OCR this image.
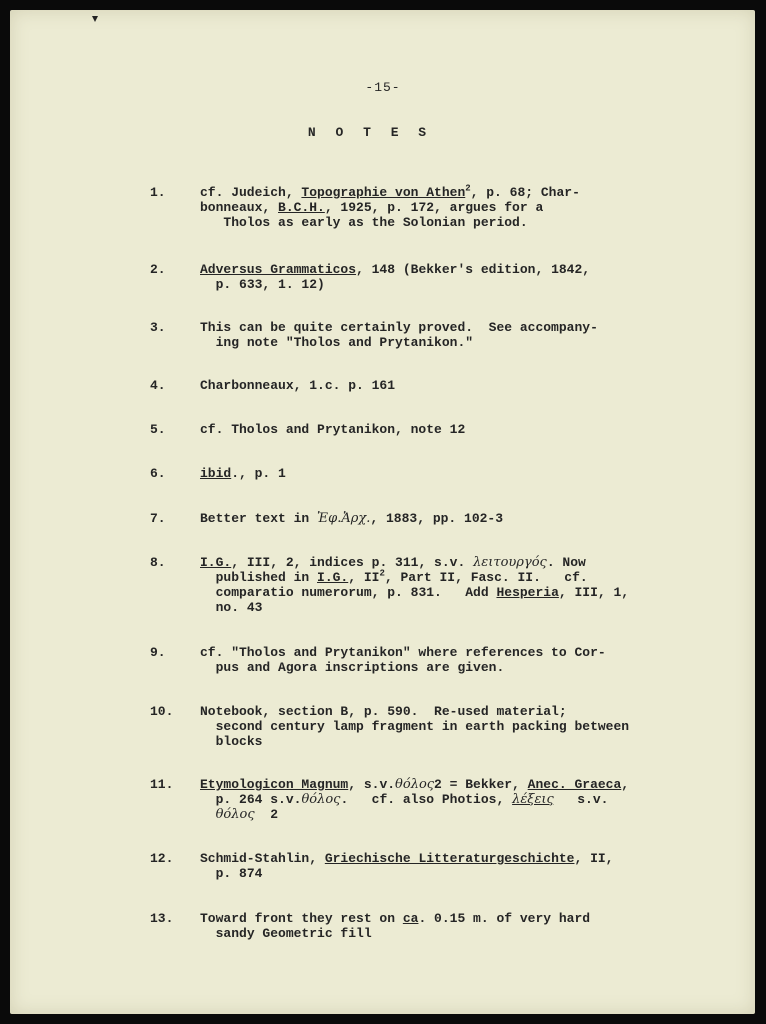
-15-
N O T E S
1.	cf. Judeich, Topographie von Athen$^2$, p. 68; Char-
bonneaux, B.C.H., 1925, p. 172, argues for a
Tholos as early as the Solonian period.
2.	Adversus Grammaticos, 148 (Bekker's edition, 1842,
p. 633, 1. 12)
3.	This can be quite certainly proved.  See accompany-
ing note "Tholos and Prytanikon."
4.	Charbonneaux, 1.c. p. 161
5.	cf. Tholos and Prytanikon, note 12
6.	ibid., p. 1
7.	Better text in Ἐφ.Ἀρχ., 1883, pp. 102-3
8.	I.G., III, 2, indices p. 311, s.v. λειτουργός. Now
published in I.G., $II^2$, Part II, Fasc. II.   cf.
comparatio numerorum, p. 831.   Add Hesperia, III, 1,
no. 43
9.	cf. "Tholos and Prytanikon" where references to Cor-
pus and Agora inscriptions are given.
10.	Notebook, section B, p. 590.  Re-used material;
second century lamp fragment in earth packing between
blocks
11.	Etymologicon Magnum, s.v.θόλος2 = Bekker, Anec. Graeca,
p. 264 s.v.θόλος.   cf. also Photios, λέξεις   s.v.
θόλος  2
12.	Schmid-Stahlin, Griechische Litteraturgeschichte, II,
p. 874
13.	Toward front they rest on ca. 0.15 m. of very hard
sandy Geometric fill
